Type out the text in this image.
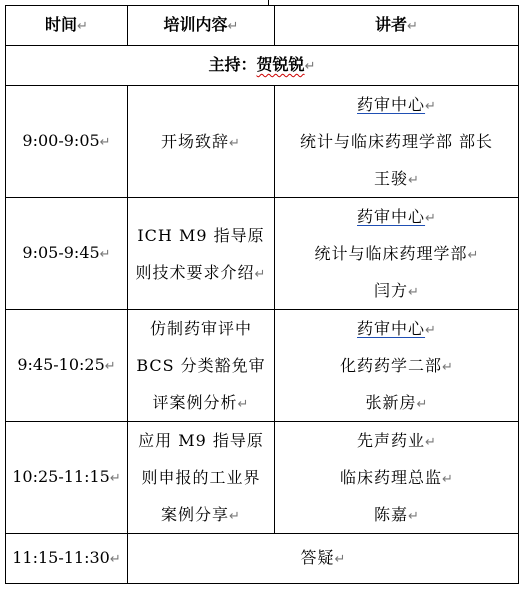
时间↵	培训内容↵	讲者↵
主持：贺锐锐↵		
9:00-9:05↵	开场致辞↵	药审中心↵
统计与临床药理学部 部长
王骏↵

9:05-9:45↵	ICH M9 指导原
则技术要求介绍↵	药审中心↵
统计与临床药理学部↵
闫方↵

9:45-10:25↵	仿制药审评中
BCS 分类豁免审
评案例分析↵	药审中心↵
化药药学二部↵
张新房↵

10:25-11:15↵	应用 M9 指导原
则申报的工业界
案例分享↵	先声药业↵
临床药理总监↵
陈嘉↵

11:15-11:30↵	答疑↵	
